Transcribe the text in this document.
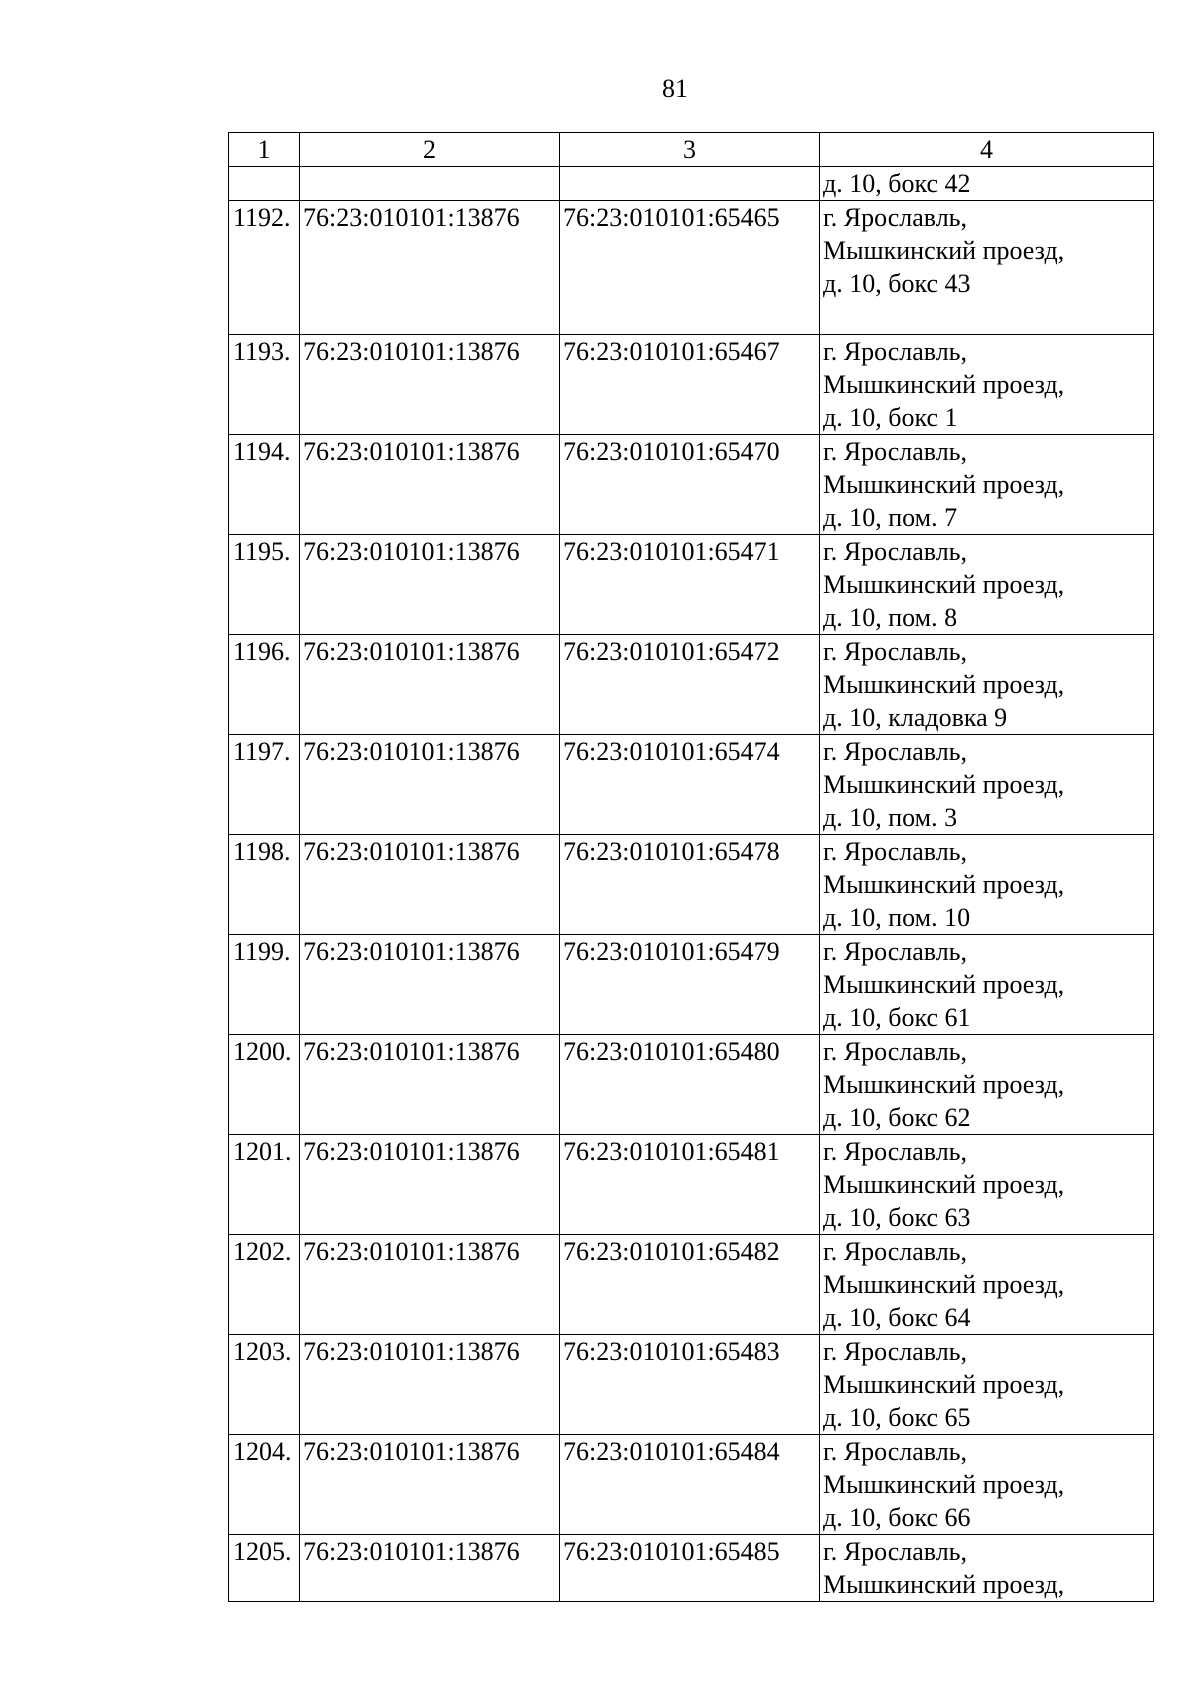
81
1	2	3	4

			д. 10, бокс 42

1192.	76:23:010101:13876	76:23:010101:65465	г. Ярославль,
Мышкинский проезд,
д. 10, бокс 43

1193.	76:23:010101:13876	76:23:010101:65467	г. Ярославль,
Мышкинский проезд,
д. 10, бокс 1

1194.	76:23:010101:13876	76:23:010101:65470	г. Ярославль,
Мышкинский проезд,
д. 10, пом. 7

1195.	76:23:010101:13876	76:23:010101:65471	г. Ярославль,
Мышкинский проезд,
д. 10, пом. 8

1196.	76:23:010101:13876	76:23:010101:65472	г. Ярославль,
Мышкинский проезд,
д. 10, кладовка 9

1197.	76:23:010101:13876	76:23:010101:65474	г. Ярославль,
Мышкинский проезд,
д. 10, пом. 3

1198.	76:23:010101:13876	76:23:010101:65478	г. Ярославль,
Мышкинский проезд,
д. 10, пом. 10

1199.	76:23:010101:13876	76:23:010101:65479	г. Ярославль,
Мышкинский проезд,
д. 10, бокс 61

1200.	76:23:010101:13876	76:23:010101:65480	г. Ярославль,
Мышкинский проезд,
д. 10, бокс 62

1201.	76:23:010101:13876	76:23:010101:65481	г. Ярославль,
Мышкинский проезд,
д. 10, бокс 63

1202.	76:23:010101:13876	76:23:010101:65482	г. Ярославль,
Мышкинский проезд,
д. 10, бокс 64

1203.	76:23:010101:13876	76:23:010101:65483	г. Ярославль,
Мышкинский проезд,
д. 10, бокс 65

1204.	76:23:010101:13876	76:23:010101:65484	г. Ярославль,
Мышкинский проезд,
д. 10, бокс 66

1205.	76:23:010101:13876	76:23:010101:65485	г. Ярославль,
Мышкинский проезд,
